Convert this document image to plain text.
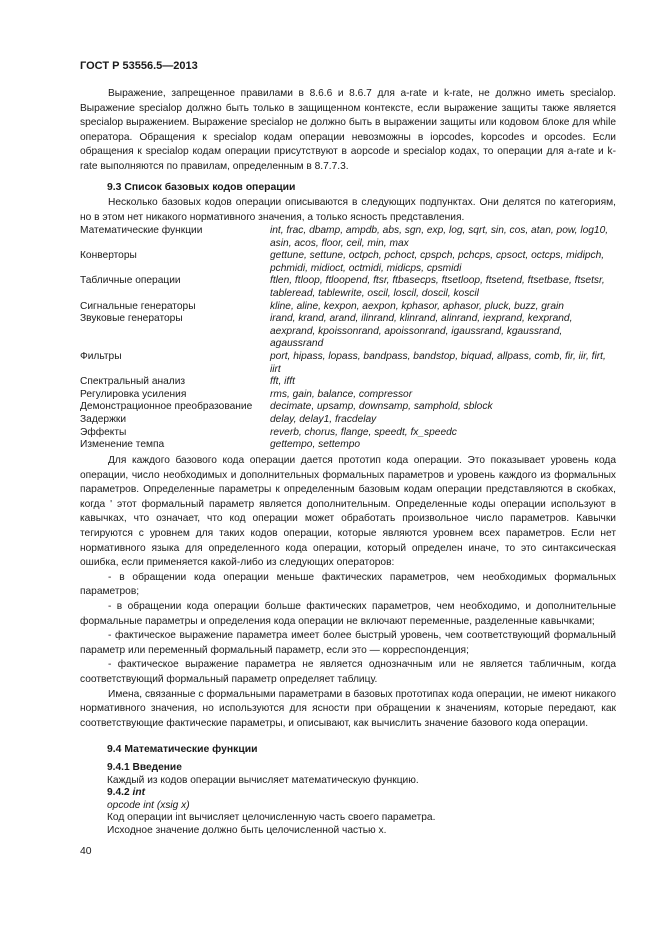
ГОСТ Р 53556.5—2013

Выражение, запрещенное правилами в 8.6.6 и 8.6.7 для a-rate и k-rate, не должно иметь specialop. Выражение specialop должно быть только в защищенном контексте, если выражение защиты также является specialop выражением. Выражение specialop не должно быть в выражении защиты или кодовом блоке для while оператора. Обращения к specialop кодам операции невозможны в iopcodes, kopcodes и opcodes. Если обращения к specialop кодам операции присутствуют в aopcode и specialop кодах, то операции для a-rate и k-rate выполняются по правилам, определенным в 8.7.7.3.

9.3 Список базовых кодов операции

Несколько базовых кодов операции описываются в следующих подпунктах. Они делятся по категориям, но в этом нет никакого нормативного значения, а только ясность представления.

Математические функции	int, frac, dbamp, ampdb, abs, sgn, exp, log, sqrt, sin, cos, atan, pow, log10, asin, acos, floor, ceil, min, max
Конверторы	gettune, settune, octpch, pchoct, cpspch, pchcps, cpsoct, octcps, midipch, pchmidi, midioct, octmidi, midicps, cpsmidi
Табличные операции	ftlen, ftloop, ftloopend, ftsr, ftbasecps, ftsetloop, ftsetend, ftsetbase, ftsetsr, tableread, tablewrite, oscil, loscil, doscil, koscil
Сигнальные генераторы	kline, aline, kexpon, aexpon, kphasor, aphasor, pluck, buzz, grain
Звуковые генераторы	irand, krand, arand, ilinrand, klinrand, alinrand, iexprand, kexprand, aexprand, kpoissonrand, apoissonrand, igaussrand, kgaussrand, agaussrand
Фильтры	port, hipass, lopass, bandpass, bandstop, biquad, allpass, comb, fir, iir, firt, iirt
Спектральный анализ	fft, ifft
Регулировка усиления	rms, gain, balance, compressor
Демонстрационное преобразование	decimate, upsamp, downsamp, samphold, sblock
Задержки	delay, delay1, fracdelay
Эффекты	reverb, chorus, flange, speedt, fx_speedc
Изменение темпа	gettempo, settempo

Для каждого базового кода операции дается прототип кода операции. Это показывает уровень кода операции, число необходимых и дополнительных формальных параметров и уровень каждого из формальных параметров. Определенные параметры к определенным базовым кодам операции представляются в скобках, когда ' этот формальный параметр является дополнительным. Определенные коды операции используют в кавычках, что означает, что код операции может обработать произвольное число параметров. Кавычки тегируются с уровнем для таких кодов операции, которые являются уровнем всех параметров. Если нет нормативного языка для определенного кода операции, который определен иначе, то это синтаксическая ошибка, если применяется какой-либо из следующих операторов:

- в обращении кода операции меньше фактических параметров, чем необходимых формальных параметров;

- в обращении кода операции больше фактических параметров, чем необходимо, и дополнительные формальные параметры и определения кода операции не включают переменные, разделенные кавычками;

- фактическое выражение параметра имеет более быстрый уровень, чем соответствующий формальный параметр или переменный формальный параметр, если это — корреспонденция;

- фактическое выражение параметра не является однозначным или не является табличным, когда соответствующий формальный параметр определяет таблицу.

Имена, связанные с формальными параметрами в базовых прототипах кода операции, не имеют никакого нормативного значения, но используются для ясности при обращении к значениям, которые передают, как соответствующие фактические параметры, и описывают, как вычислить значение базового кода операции.

9.4 Математические функции
9.4.1 Введение
Каждый из кодов операции вычисляет математическую функцию.
9.4.2 int
opcode int (xsig x)
Код операции int вычисляет целочисленную часть своего параметра.
Исходное значение должно быть целочисленной частью x.
40
